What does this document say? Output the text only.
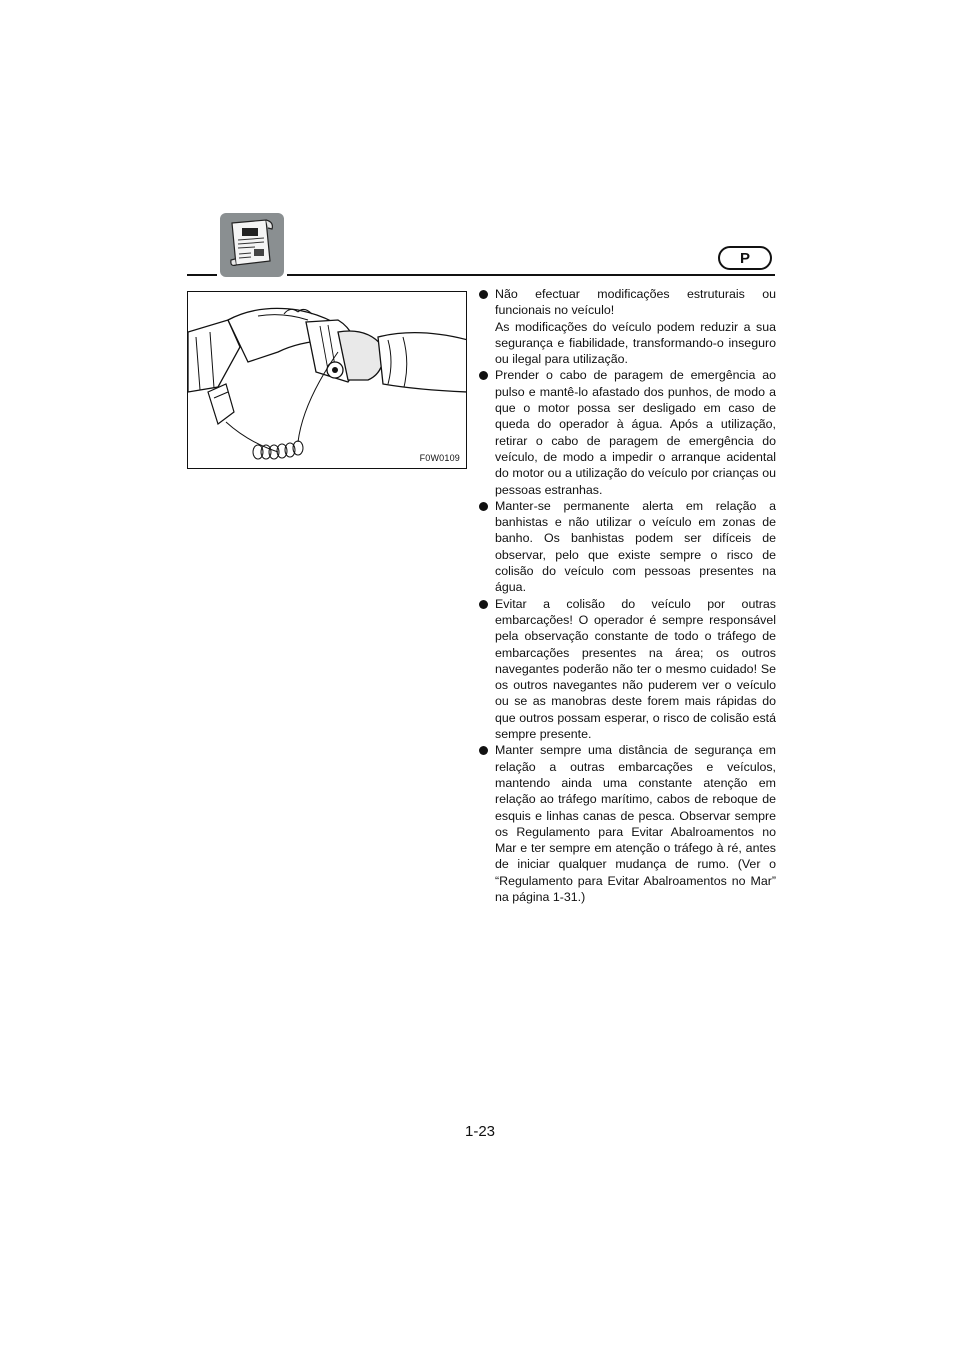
P
F0W0109

Não efectuar modificações estruturais ou funcionais no veículo!

As modificações do veículo podem reduzir a sua segurança e fiabilidade, transformando-o inseguro ou ilegal para utilização.

Prender o cabo de paragem de emergência ao pulso e mantê-lo afastado dos punhos, de modo a que o motor possa ser desligado em caso de queda do operador à água. Após a utilização, retirar o cabo de paragem de emergência do veículo, de modo a impedir o arranque acidental do motor ou a utilização do veículo por crianças ou pessoas estranhas.

Manter-se permanente alerta em relação a banhistas e não utilizar o veículo em zonas de banho. Os banhistas podem ser difíceis de observar, pelo que existe sempre o risco de colisão do veículo com pessoas presentes na água.

Evitar a colisão do veículo por outras embarcações! O operador é sempre responsável pela observação constante de todo o tráfego de embarcações presentes na área; os outros navegantes poderão não ter o mesmo cuidado! Se os outros navegantes não puderem ver o veículo ou se as manobras deste forem mais rápidas do que outros possam esperar, o risco de colisão está sempre presente.

Manter sempre uma distância de segurança em relação a outras embarcações e veículos, mantendo ainda uma constante atenção em relação ao tráfego marítimo, cabos de reboque de esquis e linhas canas de pesca. Observar sempre os Regulamento para Evitar Abalroamentos no Mar e ter sempre em atenção o tráfego à ré, antes de iniciar qualquer mudança de rumo. (Ver o “Regulamento para Evitar Abalroamentos no Mar” na página 1-31.)

1-23
